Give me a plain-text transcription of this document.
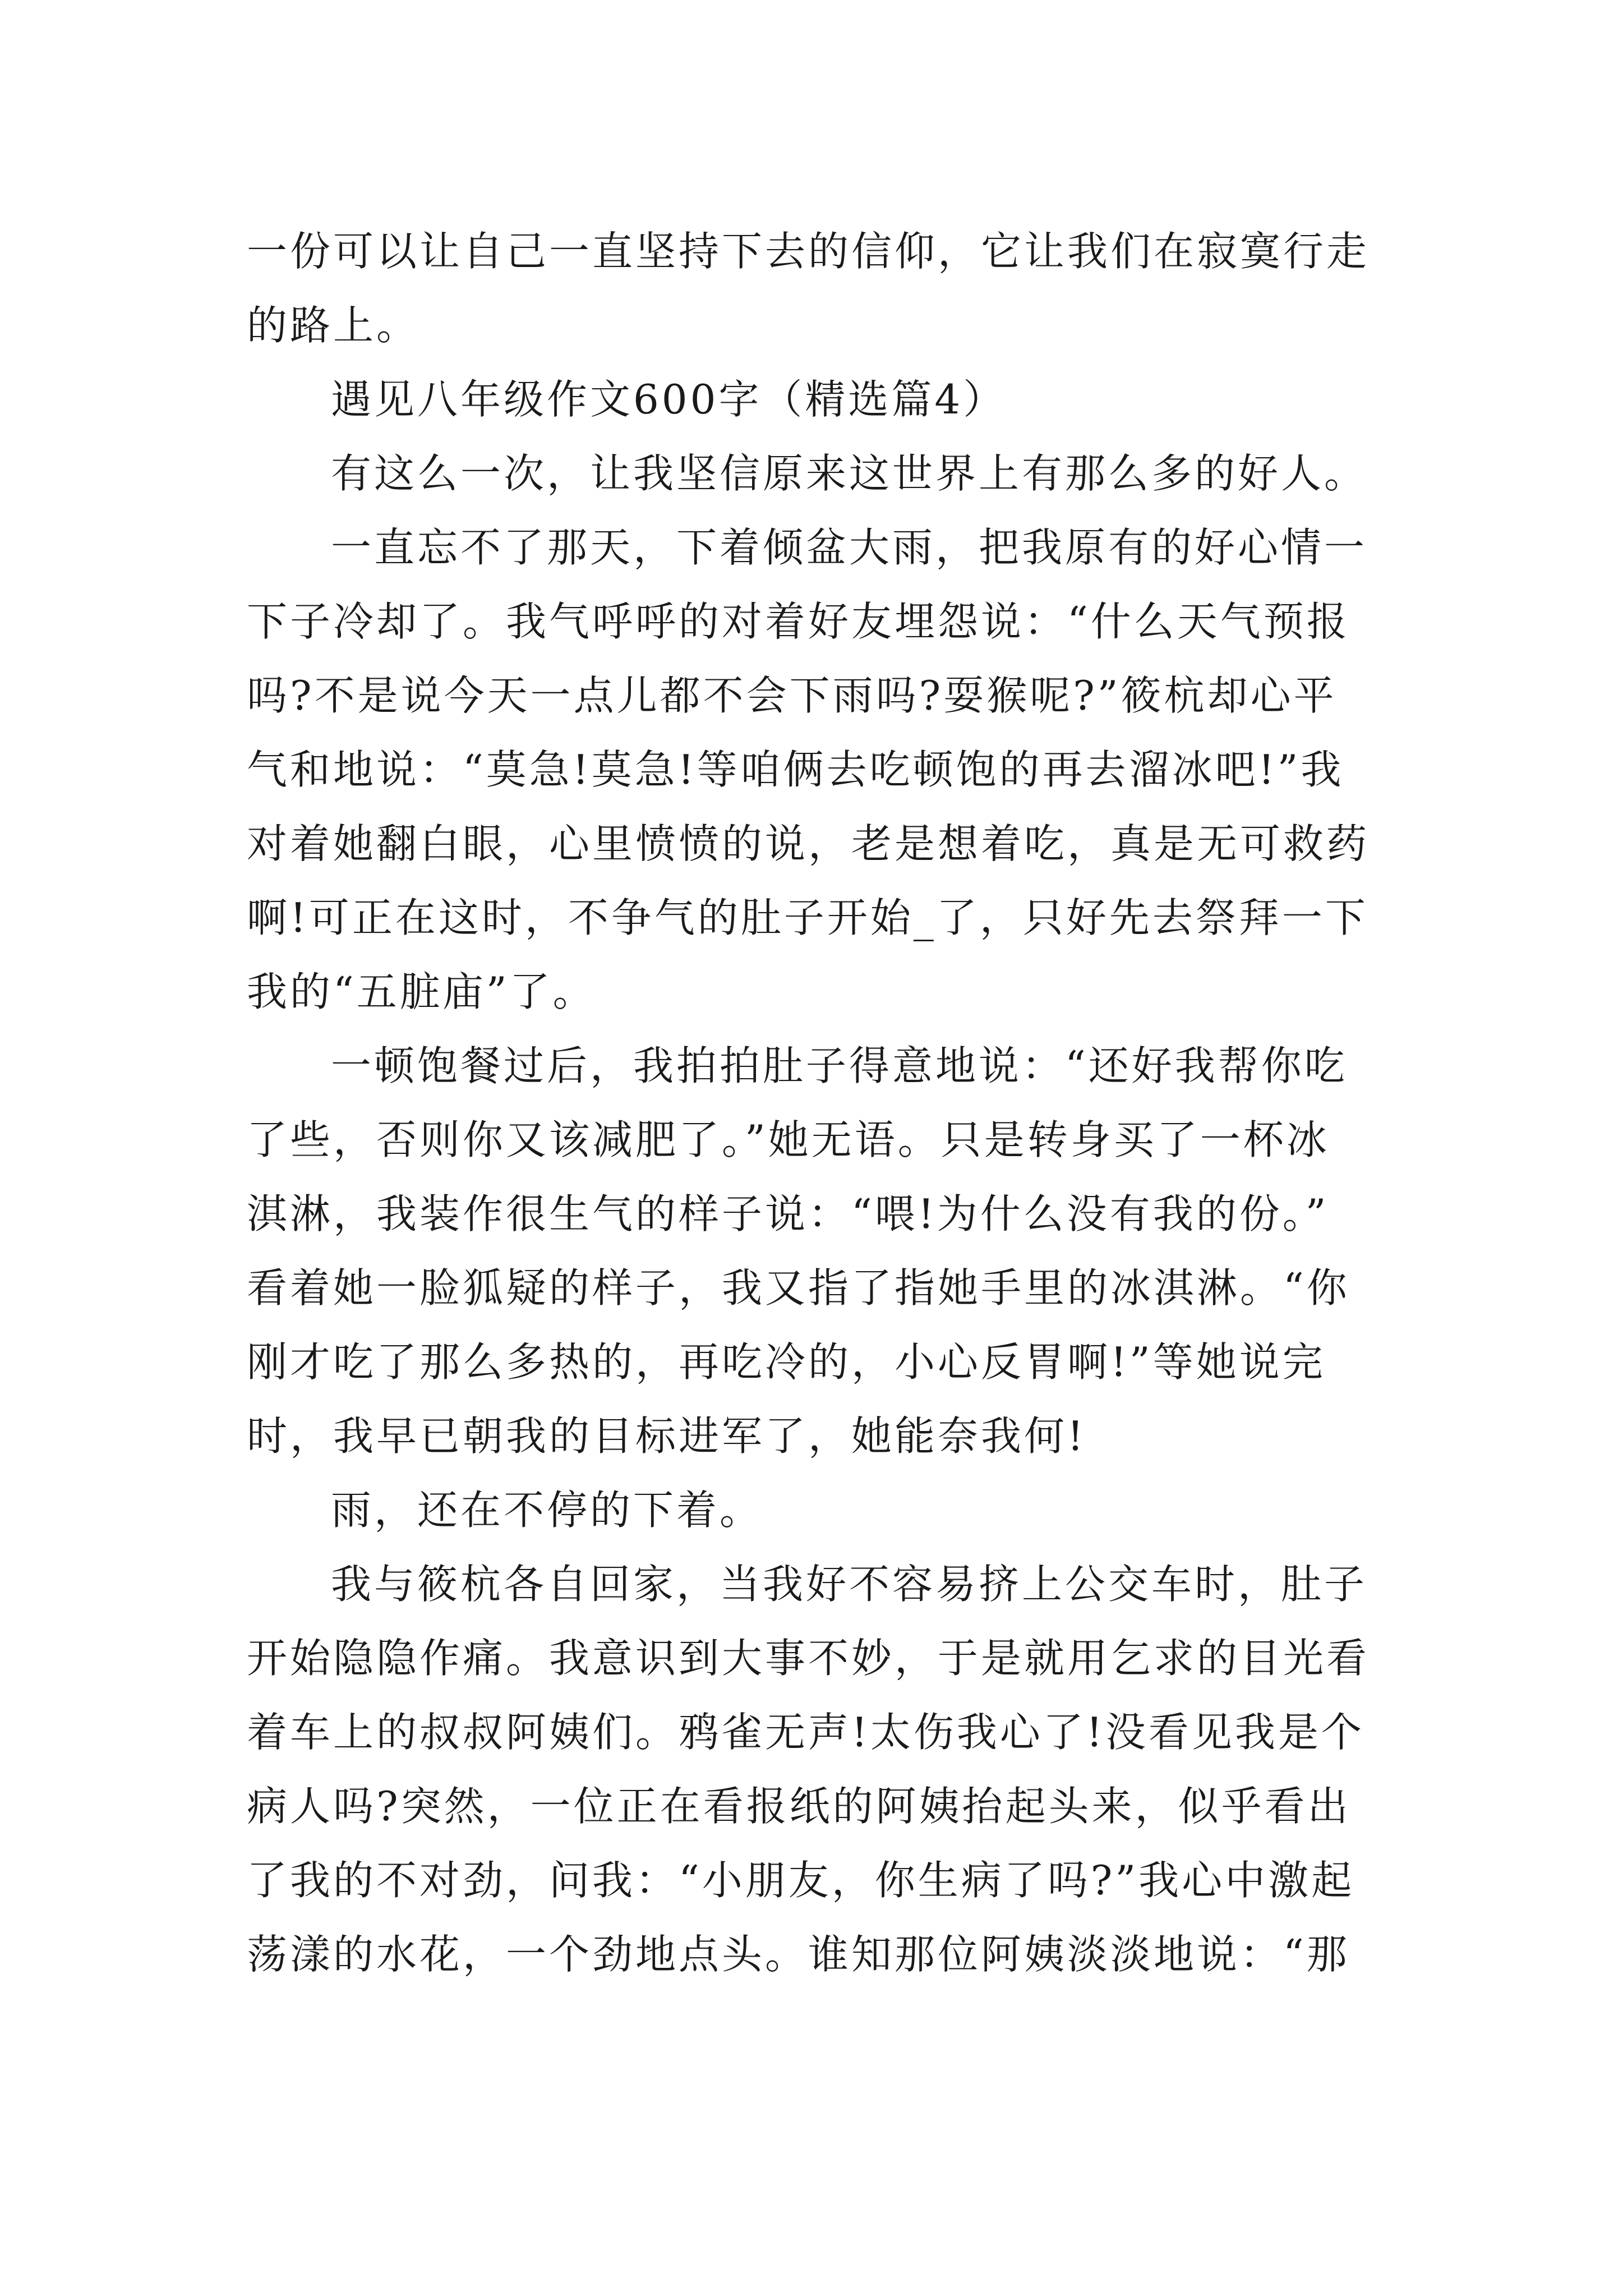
一份可以让自己一直坚持下去的信仰，它让我们在寂寞行走
的路上。
遇见八年级作文600字（精选篇4）
有这么一次，让我坚信原来这世界上有那么多的好人。
一直忘不了那天，下着倾盆大雨，把我原有的好心情一
下子冷却了。我气呼呼的对着好友埋怨说：“什么天气预报
吗?不是说今天一点儿都不会下雨吗?耍猴呢?”筱杭却心平
气和地说：“莫急!莫急!等咱俩去吃顿饱的再去溜冰吧!”我
对着她翻白眼，心里愤愤的说，老是想着吃，真是无可救药
啊!可正在这时，不争气的肚子开始_了，只好先去祭拜一下
我的“五脏庙”了。
一顿饱餐过后，我拍拍肚子得意地说：“还好我帮你吃
了些，否则你又该减肥了。”她无语。只是转身买了一杯冰
淇淋，我装作很生气的样子说：“喂!为什么没有我的份。”
看着她一脸狐疑的样子，我又指了指她手里的冰淇淋。“你
刚才吃了那么多热的，再吃冷的，小心反胃啊!”等她说完
时，我早已朝我的目标进军了，她能奈我何!
雨，还在不停的下着。
我与筱杭各自回家，当我好不容易挤上公交车时，肚子
开始隐隐作痛。我意识到大事不妙，于是就用乞求的目光看
着车上的叔叔阿姨们。鸦雀无声!太伤我心了!没看见我是个
病人吗?突然，一位正在看报纸的阿姨抬起头来，似乎看出
了我的不对劲，问我：“小朋友，你生病了吗?”我心中激起
荡漾的水花，一个劲地点头。谁知那位阿姨淡淡地说：“那
